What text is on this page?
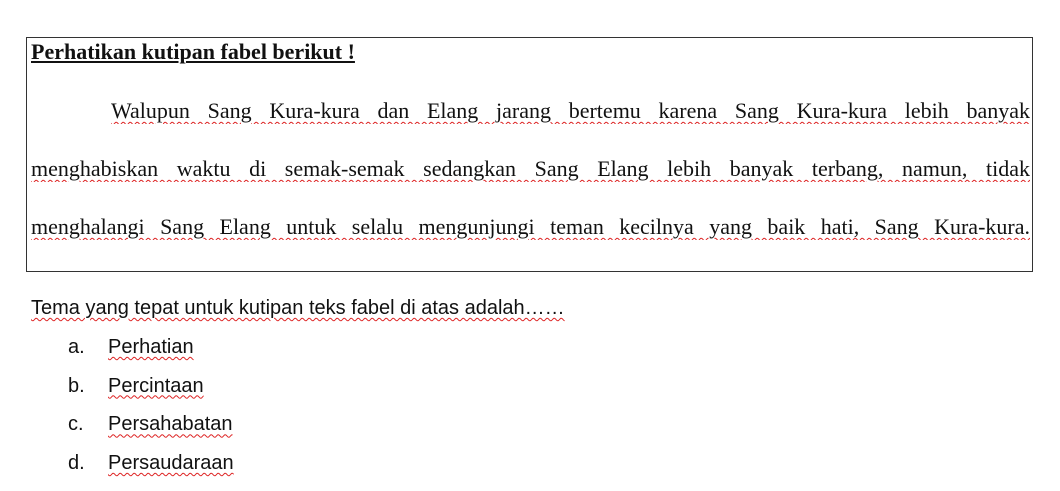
Perhatikan kutipan fabel berikut !

Walupun Sang Kura-kura dan Elang jarang bertemu karena Sang Kura-kura lebih banyak

menghabiskan waktu di semak-semak sedangkan Sang Elang lebih banyak terbang, namun, tidak

menghalangi Sang Elang untuk selalu mengunjungi teman kecilnya yang baik hati, Sang Kura-kura.

Tema yang tepat untuk kutipan teks fabel di atas adalah……

a.	Perhatian
b.	Percintaan
c.	Persahabatan
d.	Persaudaraan
